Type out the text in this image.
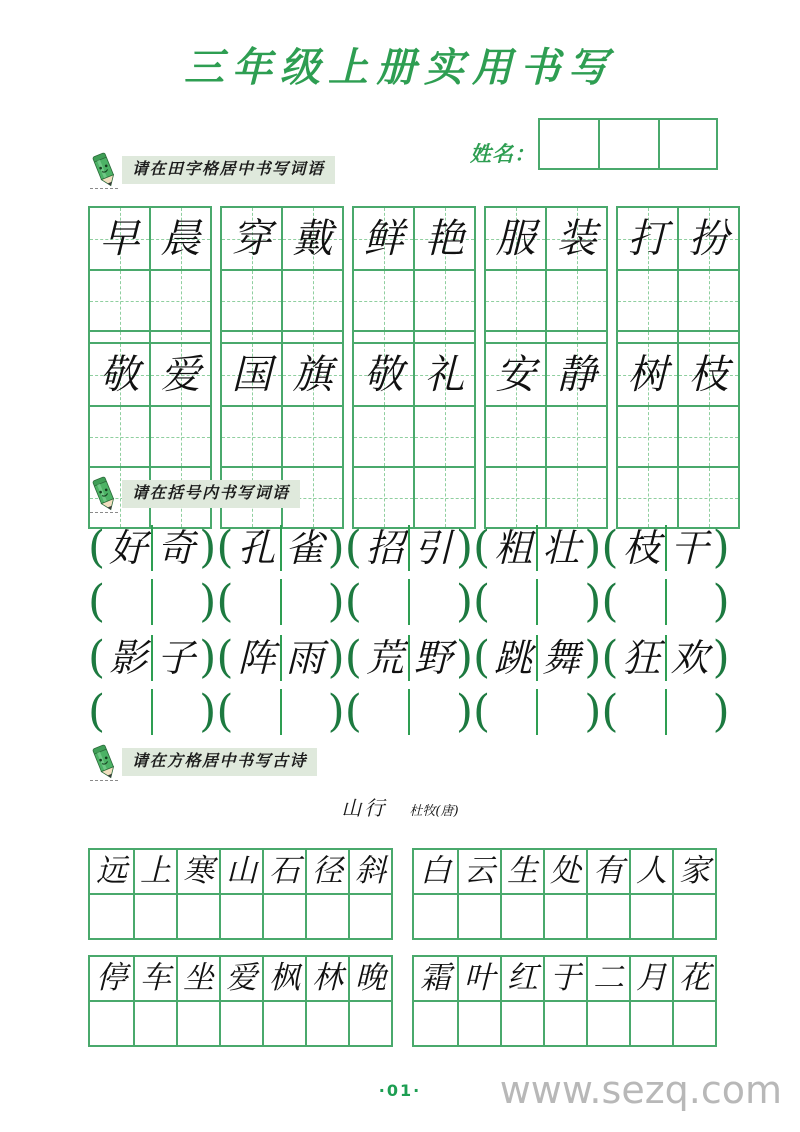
三年级上册实用书写
姓名：
请在田字格居中书写词语
早 晨 穿 戴 鲜 艳 服 装 打 扮
敬 爱 国 旗 敬 礼 安 静 树 枝
请在括号内书写词语
( 好 奇 ) ( 孔 雀 ) ( 招 引 ) ( 粗 壮 ) ( 枝 干 )
( ) ( ) ( ) ( ) ( )
( 影 子 ) ( 阵 雨 ) ( 荒 野 ) ( 跳 舞 ) ( 狂 欢 )
( ) ( ) ( ) ( ) ( )
请在方格居中书写古诗
山行 杜牧(唐)
远 上 寒 山 石 径 斜 白 云 生 处 有 人 家
停 车 坐 爱 枫 林 晚 霜 叶 红 于 二 月 花
·01·	www.sezq.com
